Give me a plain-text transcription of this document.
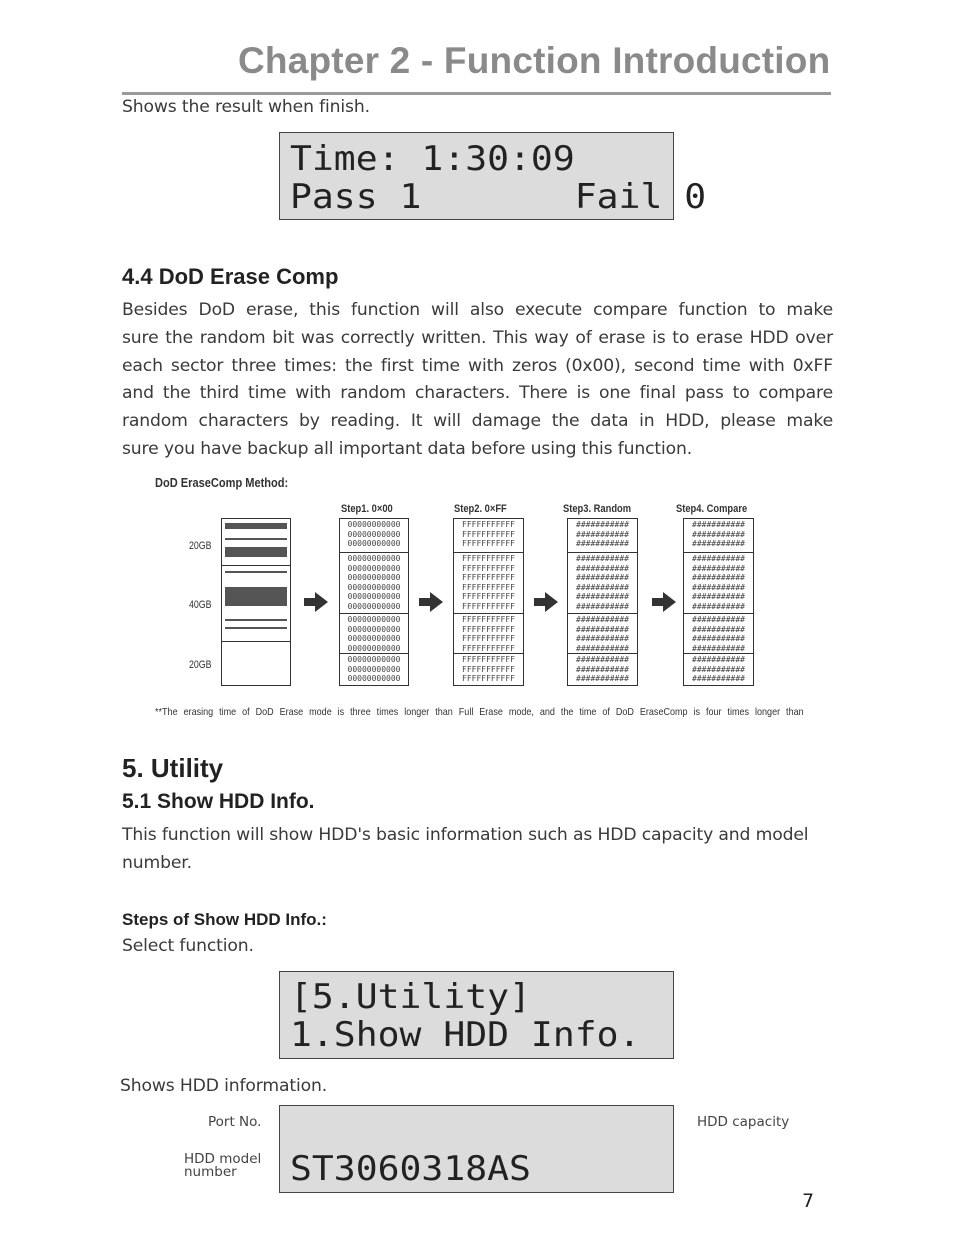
Chapter 2 - Function Introduction
Shows the result when finish.
Time: 1:30:09
Pass 1       Fail 0
4.4 DoD Erase Comp
Besides DoD erase, this function will also execute compare function to make
sure the random bit was correctly written. This way of erase is to erase HDD over
each sector three times: the first time with zeros (0x00), second time with 0xFF
and the third time with random characters. There is one final pass to compare
random characters by reading. It will damage the data in HDD, please make
sure you have backup all important data before using this function.
DoD EraseComp Method:
20GB
40GB
20GB
Step1. 0×00	Step2. 0×FF	Step3. Random	Step4. Compare
00000000000
00000000000
00000000000
00000000000
00000000000
00000000000
00000000000
00000000000
00000000000
00000000000
00000000000
00000000000
00000000000
00000000000
00000000000
00000000000
FFFFFFFFFFF
FFFFFFFFFFF
FFFFFFFFFFF
FFFFFFFFFFF
FFFFFFFFFFF
FFFFFFFFFFF
FFFFFFFFFFF
FFFFFFFFFFF
FFFFFFFFFFF
FFFFFFFFFFF
FFFFFFFFFFF
FFFFFFFFFFF
FFFFFFFFFFF
FFFFFFFFFFF
FFFFFFFFFFF
FFFFFFFFFFF
###########
###########
###########
###########
###########
###########
###########
###########
###########
###########
###########
###########
###########
###########
###########
###########
###########
###########
###########
###########
###########
###########
###########
###########
###########
###########
###########
###########
###########
###########
###########
###########
**The erasing time of DoD Erase mode is three times longer than Full Erase mode, and the time of DoD EraseComp is four times longer than
5. Utility
5.1 Show HDD Info.
This function will show HDD's basic information such as HDD capacity and model
number.
Steps of Show HDD Info.:
Select function.
[5.Utility]
1.Show HDD Info.
Shows HDD information.
Port No.
HDD model
number
HDD capacity
ST3060318AS
7
